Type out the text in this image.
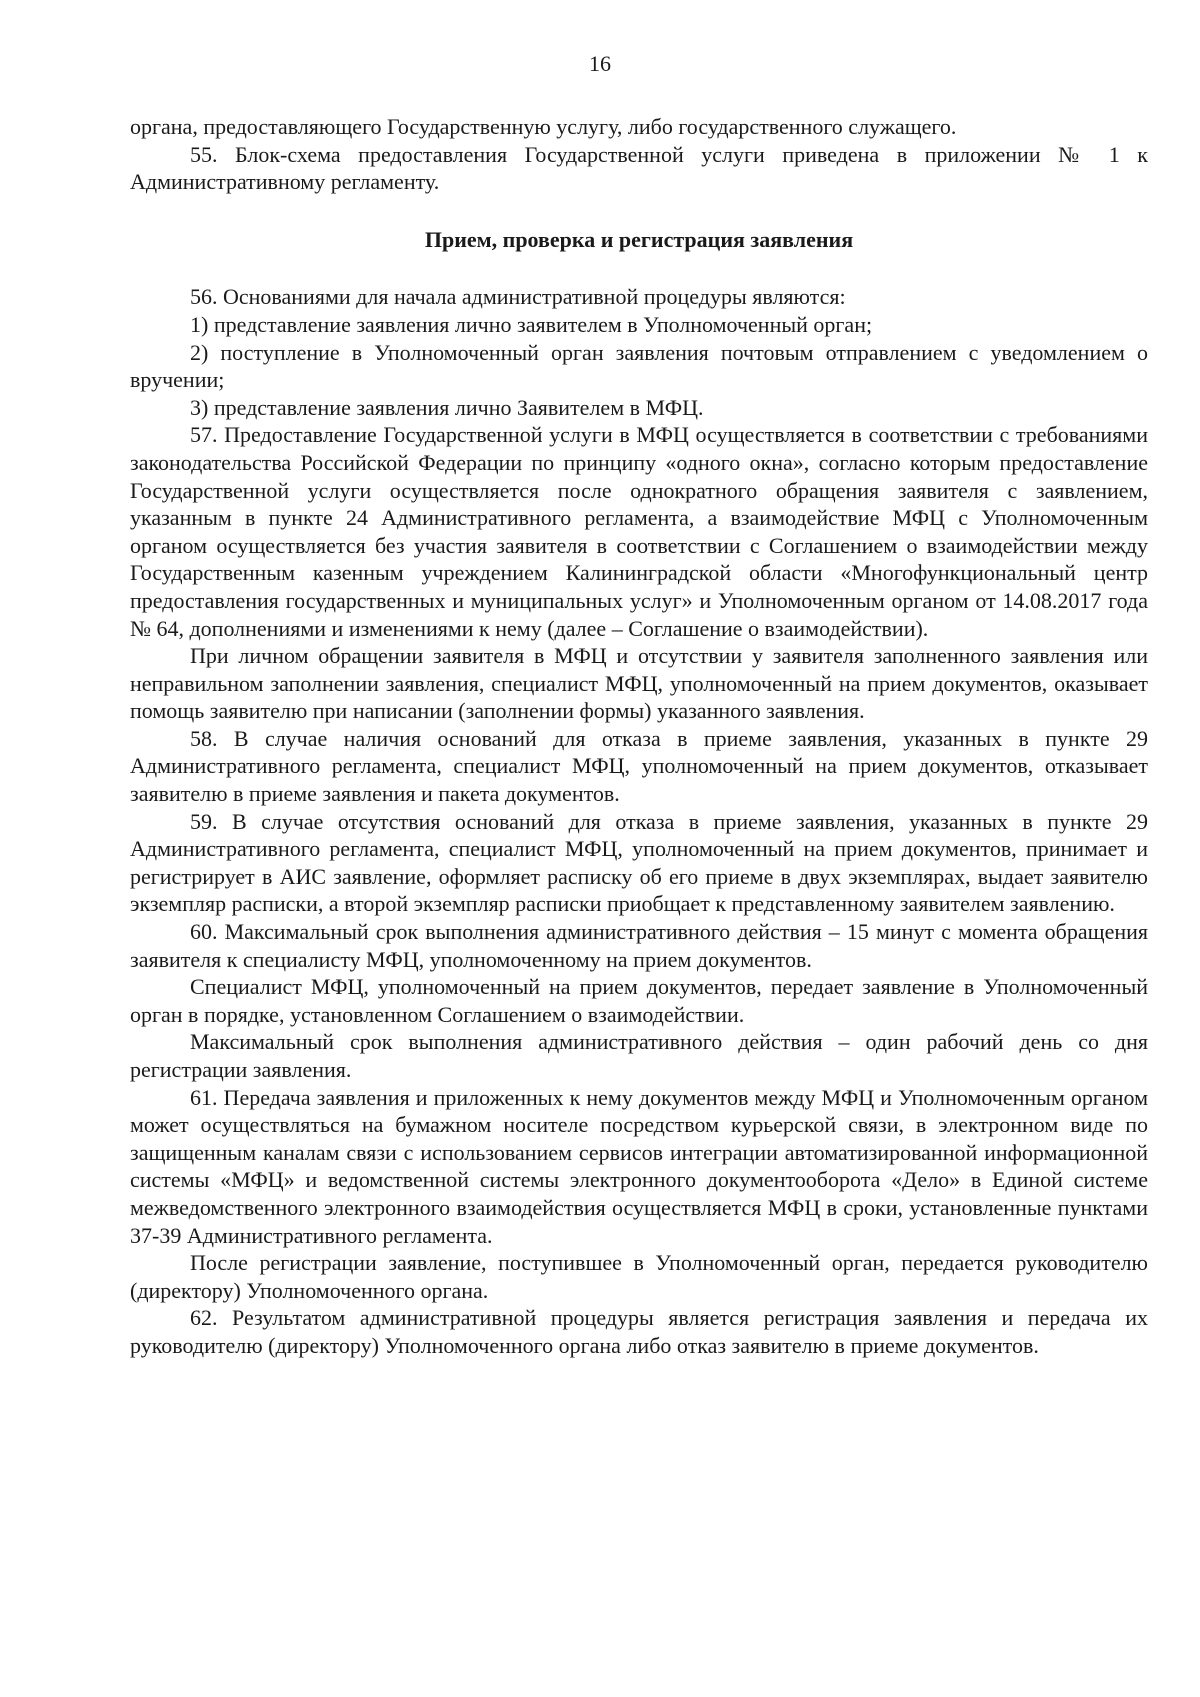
16

органа, предоставляющего Государственную услугу, либо государственного служащего.

55. Блок-схема предоставления Государственной услуги приведена в приложении № 1 к Административному регламенту.

Прием, проверка и регистрация заявления

56. Основаниями для начала административной процедуры являются:

1) представление заявления лично заявителем в Уполномоченный орган;

2) поступление в Уполномоченный орган заявления почтовым отправлением с уведомлением о вручении;

3) представление заявления лично Заявителем в МФЦ.

57. Предоставление Государственной услуги в МФЦ осуществляется в соответствии с требованиями законодательства Российской Федерации по принципу «одного окна», согласно которым предоставление Государственной услуги осуществляется после однократного обращения заявителя с заявлением, указанным в пункте 24 Административного регламента, а взаимодействие МФЦ с Уполномоченным органом осуществляется без участия заявителя в соответствии с Соглашением о взаимодействии между Государственным казенным учреждением Калининградской области «Многофункциональный центр предоставления государственных и муниципальных услуг» и Уполномоченным органом от 14.08.2017 года № 64, дополнениями и изменениями к нему (далее – Соглашение о взаимодействии).

При личном обращении заявителя в МФЦ и отсутствии у заявителя заполненного заявления или неправильном заполнении заявления, специалист МФЦ, уполномоченный на прием документов, оказывает помощь заявителю при написании (заполнении формы) указанного заявления.

58. В случае наличия оснований для отказа в приеме заявления, указанных в пункте 29 Административного регламента, специалист МФЦ, уполномоченный на прием документов, отказывает заявителю в приеме заявления и пакета документов.

59. В случае отсутствия оснований для отказа в приеме заявления, указанных в пункте 29 Административного регламента, специалист МФЦ, уполномоченный на прием документов, принимает и регистрирует в АИС заявление, оформляет расписку об его приеме в двух экземплярах, выдает заявителю экземпляр расписки, а второй экземпляр расписки приобщает к представленному заявителем заявлению.

60. Максимальный срок выполнения административного действия – 15 минут с момента обращения заявителя к специалисту МФЦ, уполномоченному на прием документов.

Специалист МФЦ, уполномоченный на прием документов, передает заявление в Уполномоченный орган в порядке, установленном Соглашением о взаимодействии.

Максимальный срок выполнения административного действия – один рабочий день со дня регистрации заявления.

61. Передача заявления и приложенных к нему документов между МФЦ и Уполномоченным органом может осуществляться на бумажном носителе посредством курьерской связи, в электронном виде по защищенным каналам связи с использованием сервисов интеграции автоматизированной информационной системы «МФЦ» и ведомственной системы электронного документооборота «Дело» в Единой системе межведомственного электронного взаимодействия осуществляется МФЦ в сроки, установленные пунктами 37-39 Административного регламента.

После регистрации заявление, поступившее в Уполномоченный орган, передается руководителю (директору) Уполномоченного органа.

62. Результатом административной процедуры является регистрация заявления и передача их руководителю (директору) Уполномоченного органа либо отказ заявителю в приеме документов.
